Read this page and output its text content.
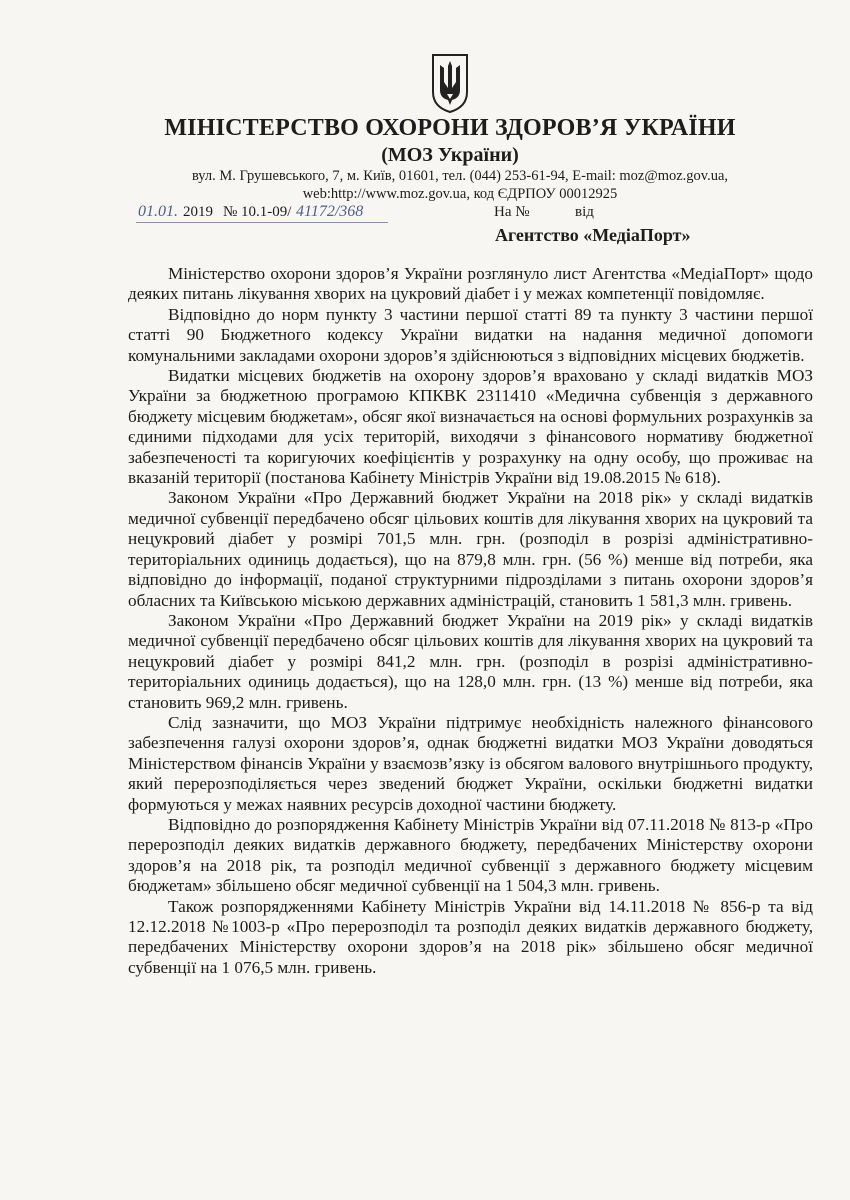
МІНІСТЕРСТВО ОХОРОНИ ЗДОРОВ’Я УКРАЇНИ
(МОЗ України)
вул. М. Грушевського, 7, м. Київ, 01601, тел. (044) 253-61-94, E-mail: moz@moz.gov.ua,
web:http://www.moz.gov.ua, код ЄДРПОУ 00012925
01.01. 2019 № 10.1-09/ 41172/368	На №	від
Агентство «МедіаПорт»

Міністерство охорони здоров’я України розглянуло лист Агентства «МедіаПорт» щодо деяких питань лікування хворих на цукровий діабет і у межах компетенції повідомляє.

Відповідно до норм пункту 3 частини першої статті 89 та пункту 3 частини першої статті 90 Бюджетного кодексу України видатки на надання медичної допомоги комунальними закладами охорони здоров’я здійснюються з відповідних місцевих бюджетів.

Видатки місцевих бюджетів на охорону здоров’я враховано у складі видатків МОЗ України за бюджетною програмою КПКВК 2311410 «Медична субвенція з державного бюджету місцевим бюджетам», обсяг якої визначається на основі формульних розрахунків за єдиними підходами для усіх територій, виходячи з фінансового нормативу бюджетної забезпеченості та коригуючих коефіцієнтів у розрахунку на одну особу, що проживає на вказаній території (постанова Кабінету Міністрів України від 19.08.2015 № 618).

Законом України «Про Державний бюджет України на 2018 рік» у складі видатків медичної субвенції передбачено обсяг цільових коштів для лікування хворих на цукровий та нецукровий діабет у розмірі 701,5 млн. грн. (розподіл в розрізі адміністративно-територіальних одиниць додається), що на 879,8 млн. грн. (56 %) менше від потреби, яка відповідно до інформації, поданої структурними підрозділами з питань охорони здоров’я обласних та Київською міською державних адміністрацій, становить 1 581,3 млн. гривень.

Законом України «Про Державний бюджет України на 2019 рік» у складі видатків медичної субвенції передбачено обсяг цільових коштів для лікування хворих на цукровий та нецукровий діабет у розмірі 841,2 млн. грн. (розподіл в розрізі адміністративно-територіальних одиниць додається), що на 128,0 млн. грн. (13 %) менше від потреби, яка становить 969,2 млн. гривень.

Слід зазначити, що МОЗ України підтримує необхідність належного фінансового забезпечення галузі охорони здоров’я, однак бюджетні видатки МОЗ України доводяться Міністерством фінансів України у взаємозв’язку із обсягом валового внутрішнього продукту, який перерозподіляється через зведений бюджет України, оскільки бюджетні видатки формуються у межах наявних ресурсів доходної частини бюджету.

Відповідно до розпорядження Кабінету Міністрів України від 07.11.2018 № 813-р «Про перерозподіл деяких видатків державного бюджету, передбачених Міністерству охорони здоров’я на 2018 рік, та розподіл медичної субвенції з державного бюджету місцевим бюджетам» збільшено обсяг медичної субвенції на 1 504,3 млн. гривень.

Також розпорядженнями Кабінету Міністрів України від 14.11.2018 № 856-р та від 12.12.2018 №1003-р «Про перерозподіл та розподіл деяких видатків державного бюджету, передбачених Міністерству охорони здоров’я на 2018 рік» збільшено обсяг медичної субвенції на 1 076,5 млн. гривень.
